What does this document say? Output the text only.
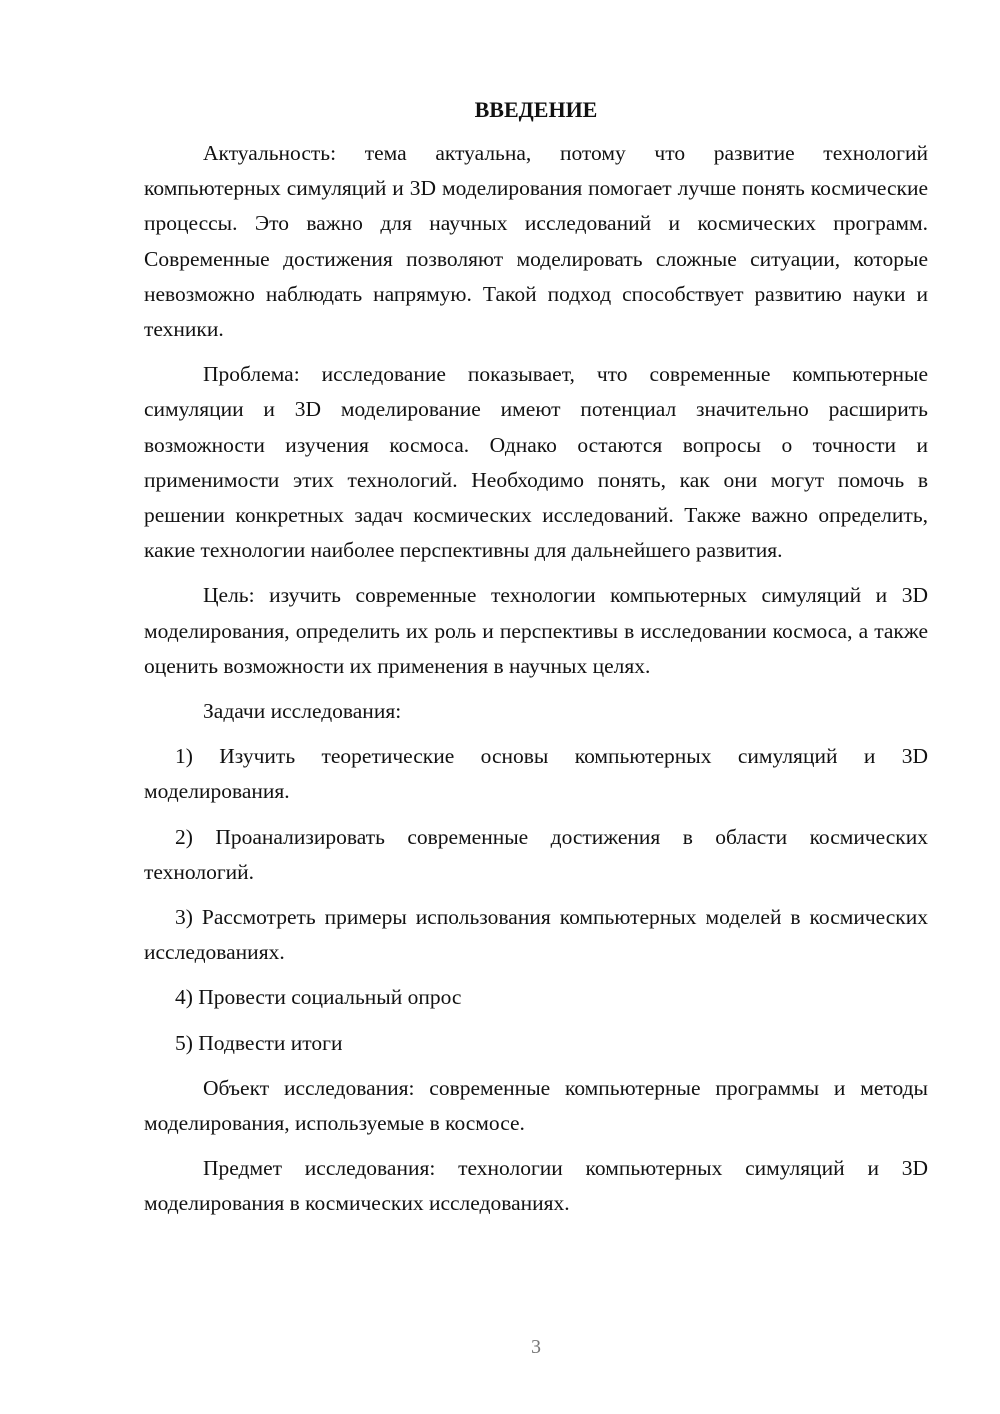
ВВЕДЕНИЕ

Актуальность: тема актуальна, потому что развитие технологий компьютерных симуляций и 3D моделирования помогает лучше понять космические процессы. Это важно для научных исследований и космических программ. Современные достижения позволяют моделировать сложные ситуации, которые невозможно наблюдать напрямую. Такой подход способствует развитию науки и техники.

Проблема: исследование показывает, что современные компьютерные симуляции и 3D моделирование имеют потенциал значительно расширить возможности изучения космоса. Однако остаются вопросы о точности и применимости этих технологий. Необходимо понять, как они могут помочь в решении конкретных задач космических исследований. Также важно определить, какие технологии наиболее перспективны для дальнейшего развития.

Цель: изучить современные технологии компьютерных симуляций и 3D моделирования, определить их роль и перспективы в исследовании космоса, а также оценить возможности их применения в научных целях.

Задачи исследования:

1) Изучить теоретические основы компьютерных симуляций и 3D моделирования.

2) Проанализировать современные достижения в области космических технологий.

3) Рассмотреть примеры использования компьютерных моделей в космических исследованиях.

4) Провести социальный опрос

5) Подвести итоги

Объект исследования: современные компьютерные программы и методы моделирования, используемые в космосе.

Предмет исследования: технологии компьютерных симуляций и 3D моделирования в космических исследованиях.

3
